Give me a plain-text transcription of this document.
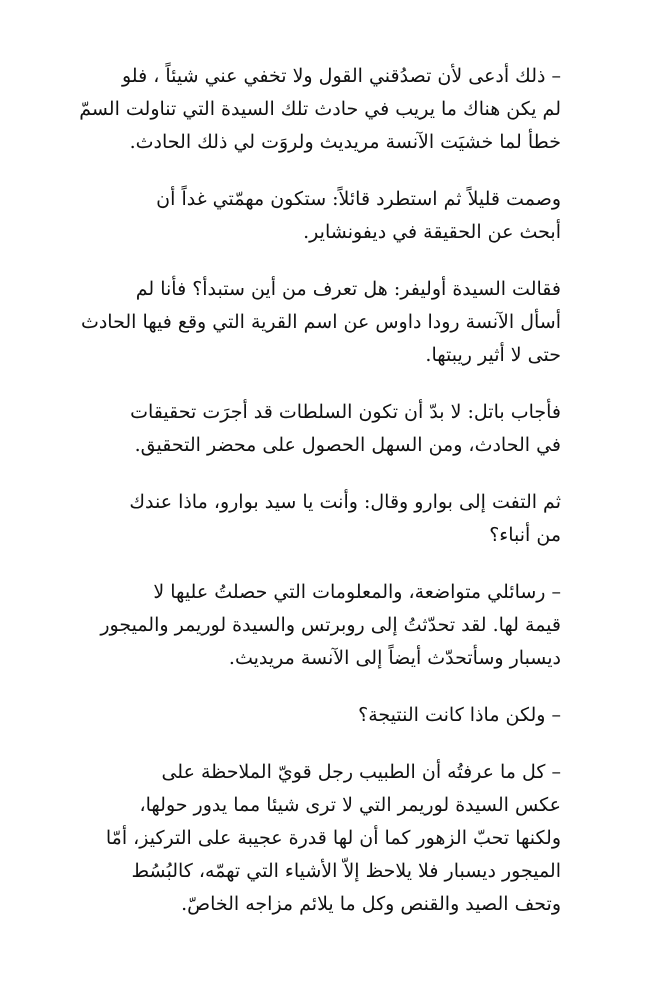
– ذلك أدعى لأن تصدُقني القول ولا تخفي عني شيئاً ، فلو
لم يكن هناك ما يريب في حادث تلك السيدة التي تناولت السمّ
خطأ لما خشيَت الآنسة مريديث ولروَت لي ذلك الحادث.

وصمت قليلاً ثم استطرد قائلاً: ستكون مهمّتي غداً أن
أبحث عن الحقيقة في ديفونشاير.

فقالت السيدة أوليفر: هل تعرف من أين ستبدأ؟ فأنا لم
أسأل الآنسة رودا داوس عن اسم القرية التي وقع فيها الحادث
حتى لا أثير ريبتها.

فأجاب باتل: لا بدّ أن تكون السلطات قد أجرَت تحقيقات
في الحادث، ومن السهل الحصول على محضر التحقيق.

ثم التفت إلى بوارو وقال: وأنت يا سيد بوارو، ماذا عندك
من أنباء؟

– رسائلي متواضعة، والمعلومات التي حصلتُ عليها لا
قيمة لها. لقد تحدّثتُ إلى روبرتس والسيدة لوريمر والميجور
ديسبار وسأتحدّث أيضاً إلى الآنسة مريديث.

– ولكن ماذا كانت النتيجة؟

– كل ما عرفتُه أن الطبيب رجل قويّ الملاحظة على
عكس السيدة لوريمر التي لا ترى شيئا مما يدور حولها،
ولكنها تحبّ الزهور كما أن لها قدرة عجيبة على التركيز، أمّا
الميجور ديسبار فلا يلاحظ إلاّ الأشياء التي تهمّه، كالبُسُط
وتحف الصيد والقنص وكل ما يلائم مزاجه الخاصّ.
